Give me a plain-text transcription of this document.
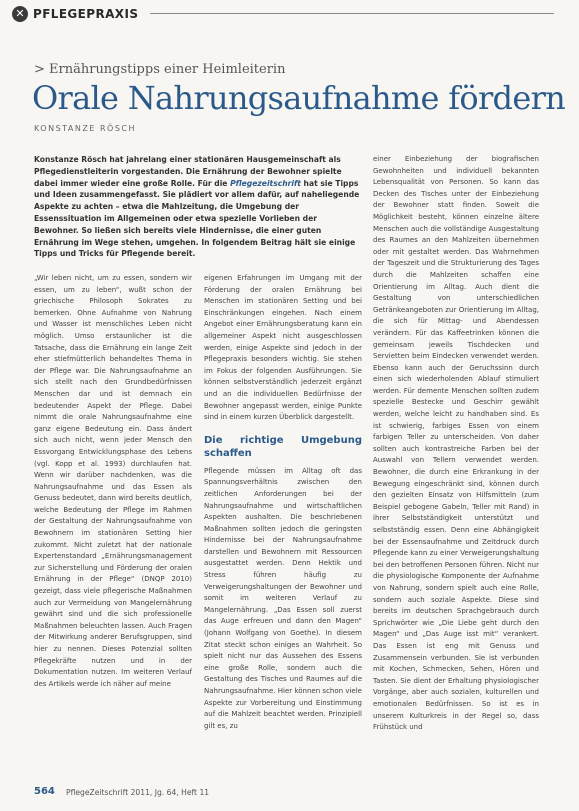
✕ PFLEGEPRAXIS
> Ernährungstipps einer Heimleiterin
Orale Nahrungsaufnahme fördern
KONSTANZE RÖSCH
Konstanze Rösch hat jahrelang einer stationären Hausgemeinschaft als Pflegedienstleiterin vorgestanden. Die Ernährung der Bewohner spielte dabei immer wieder eine große Rolle. Für die Pflegezeitschrift hat sie Tipps und Ideen zusammengefasst. Sie plädiert vor allem dafür, auf naheliegende Aspekte zu achten – etwa die Mahlzeitung, die Umgebung der Essenssituation im Allgemeinen oder etwa spezielle Vorlieben der Bewohner. So ließen sich bereits viele Hindernisse, die einer guten Ernährung im Wege stehen, umgehen. In folgendem Beitrag hält sie einige Tipps und Tricks für Pflegende bereit.

„Wir leben nicht, um zu essen, sondern wir essen, um zu leben“, wußt schon der griechische Philosoph Sokrates zu bemerken. Ohne Aufnahme von Nahrung und Wasser ist menschliches Leben nicht möglich. Umso erstaunlicher ist die Tatsache, dass die Ernährung ein lange Zeit eher stiefmütterlich behandeltes Thema in der Pflege war. Die Nahrungsaufnahme an sich stellt nach den Grundbedürfnissen Menschen dar und ist demnach ein bedeutender Aspekt der Pflege. Dabei nimmt die orale Nahrungsaufnahme eine ganz eigene Bedeutung ein. Dass ändert sich auch nicht, wenn jeder Mensch den Essvorgang Entwicklungsphase des Lebens (vgl. Kopp et al. 1993) durchlaufen hat. Wenn wir darüber nachdenken, was die Nahrungsaufnahme und das Essen als Genuss bedeutet, dann wird bereits deutlich, welche Bedeutung der Pflege im Rahmen der Gestaltung der Nahrungsaufnahme von Bewohnern im stationären Setting hier zukommt. Nicht zuletzt hat der nationale Expertenstandard „Ernährungsmanagement zur Sicherstellung und Förderung der oralen Ernährung in der Pflege“ (DNQP 2010) gezeigt, dass viele pflegerische Maßnahmen auch zur Vermeidung von Mangelernährung gewährt sind und die sich professionelle Maßnahmen beleuchten lassen. Auch Fragen der Mitwirkung anderer Berufsgruppen, sind hier zu nennen. Dieses Potenzial sollten Pflegekräfte nutzen und in der Dokumentation nutzen. Im weiteren Verlauf des Artikels werde ich näher auf meine

eigenen Erfahrungen im Umgang mit der Förderung der oralen Ernährung bei Menschen im stationären Setting und bei Einschränkungen eingehen. Nach einem Angebot einer Ernährungsberatung kann ein allgemeiner Aspekt nicht ausgeschlossen werden, einige Aspekte sind jedoch in der Pflegepraxis besonders wichtig. Sie stehen im Fokus der folgenden Ausführungen. Sie können selbstverständlich jederzeit ergänzt und an die individuellen Bedürfnisse der Bewohner angepasst werden, einige Punkte sind in einem kurzen Überblick dargestellt.

Die richtige Umgebung schaffen

Pflegende müssen im Alltag oft das Spannungsverhältnis zwischen den zeitlichen Anforderungen bei der Nahrungsaufnahme und wirtschaftlichen Aspekten aushalten. Die beschriebenen Maßnahmen sollten jedoch die geringsten Hindernisse bei der Nahrungsaufnahme darstellen und Bewohnern mit Ressourcen ausgestattet werden. Denn Hektik und Stress führen häufig zu Verweigerungshaltungen der Bewohner und somit im weiteren Verlauf zu Mangelernährung. „Das Essen soll zuerst das Auge erfreuen und dann den Magen“ (Johann Wolfgang von Goethe). In diesem Zitat steckt schon einiges an Wahrheit. So spielt nicht nur das Aussehen des Essens eine große Rolle, sondern auch die Gestaltung des Tisches und Raumes auf die Nahrungsaufnahme. Hier können schon viele Aspekte zur Vorbereitung und Einstimmung auf die Mahlzeit beachtet werden. Prinzipiell gilt es, zu

einer Einbeziehung der biografischen Gewohnheiten und individuell bekannten Lebensqualität von Personen. So kann das Decken des Tisches unter der Einbeziehung der Bewohner statt finden. Soweit die Möglichkeit besteht, können einzelne ältere Menschen auch die vollständige Ausgestaltung des Raumes an den Mahlzeiten übernehmen oder mit gestaltet werden. Das Wahrnehmen der Tageszeit und die Strukturierung des Tages durch die Mahlzeiten schaffen eine Orientierung im Alltag. Auch dient die Gestaltung von unterschiedlichen Getränkeangeboten zur Orientierung im Alltag, die sich für Mittag- und Abendessen verändern. Für das Kaffeetrinken können die gemeinsam jeweils Tischdecken und Servietten beim Eindecken verwendet werden. Ebenso kann auch der Geruchssinn durch einen sich wiederholenden Ablauf stimuliert werden. Für demente Menschen sollten zudem spezielle Bestecke und Geschirr gewählt werden, welche leicht zu handhaben sind. Es ist schwierig, farbiges Essen von einem farbigen Teller zu unterscheiden. Von daher sollten auch kontrastreiche Farben bei der Auswahl von Tellern verwendet werden. Bewohner, die durch eine Erkrankung in der Bewegung eingeschränkt sind, können durch den gezielten Einsatz von Hilfsmitteln (zum Beispiel gebogene Gabeln, Teller mit Rand) in ihrer Selbstständigkeit unterstützt und selbstständig essen. Denn eine Abhängigkeit bei der Essensaufnahme und Zeitdruck durch Pflegende kann zu einer Verweigerungshaltung bei den betroffenen Personen führen. Nicht nur die physiologische Komponente der Aufnahme von Nahrung, sondern spielt auch eine Rolle, sondern auch soziale Aspekte. Diese sind bereits im deutschen Sprachgebrauch durch Sprichwörter wie „Die Liebe geht durch den Magen“ und „Das Auge isst mit“ verankert. Das Essen ist eng mit Genuss und Zusammensein verbunden. Sie ist verbunden mit Kochen, Schmecken, Sehen, Hören und Tasten. Sie dient der Erhaltung physiologischer Vorgänge, aber auch sozialen, kulturellen und emotionalen Bedürfnissen. So ist es in unserem Kulturkreis in der Regel so, dass Frühstück und

564 PflegeZeitschrift 2011, Jg. 64, Heft 11
